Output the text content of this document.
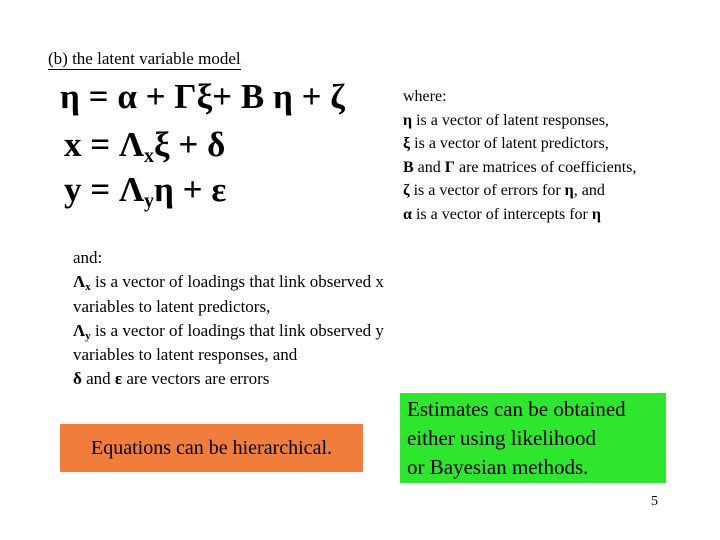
(b) the latent variable model
η = α + Γξ+ Β η + ζ
$x = \Lambda_x\xi + \delta$
$y = \Lambda_y\eta + \varepsilon$
where:
η is a vector of latent responses,
ξ is a vector of latent predictors,
Β and Γ are matrices of coefficients,
ζ is a vector of errors for η, and
α is a vector of intercepts for η
and:
$\Lambda_x$ is a vector of loadings that link observed x
variables to latent predictors,
$\Lambda_y$ is a vector of loadings that link observed y
variables to latent responses, and
δ and ε are vectors are errors
Equations can be hierarchical.
Estimates can be obtained
either using likelihood
or Bayesian methods.
5
